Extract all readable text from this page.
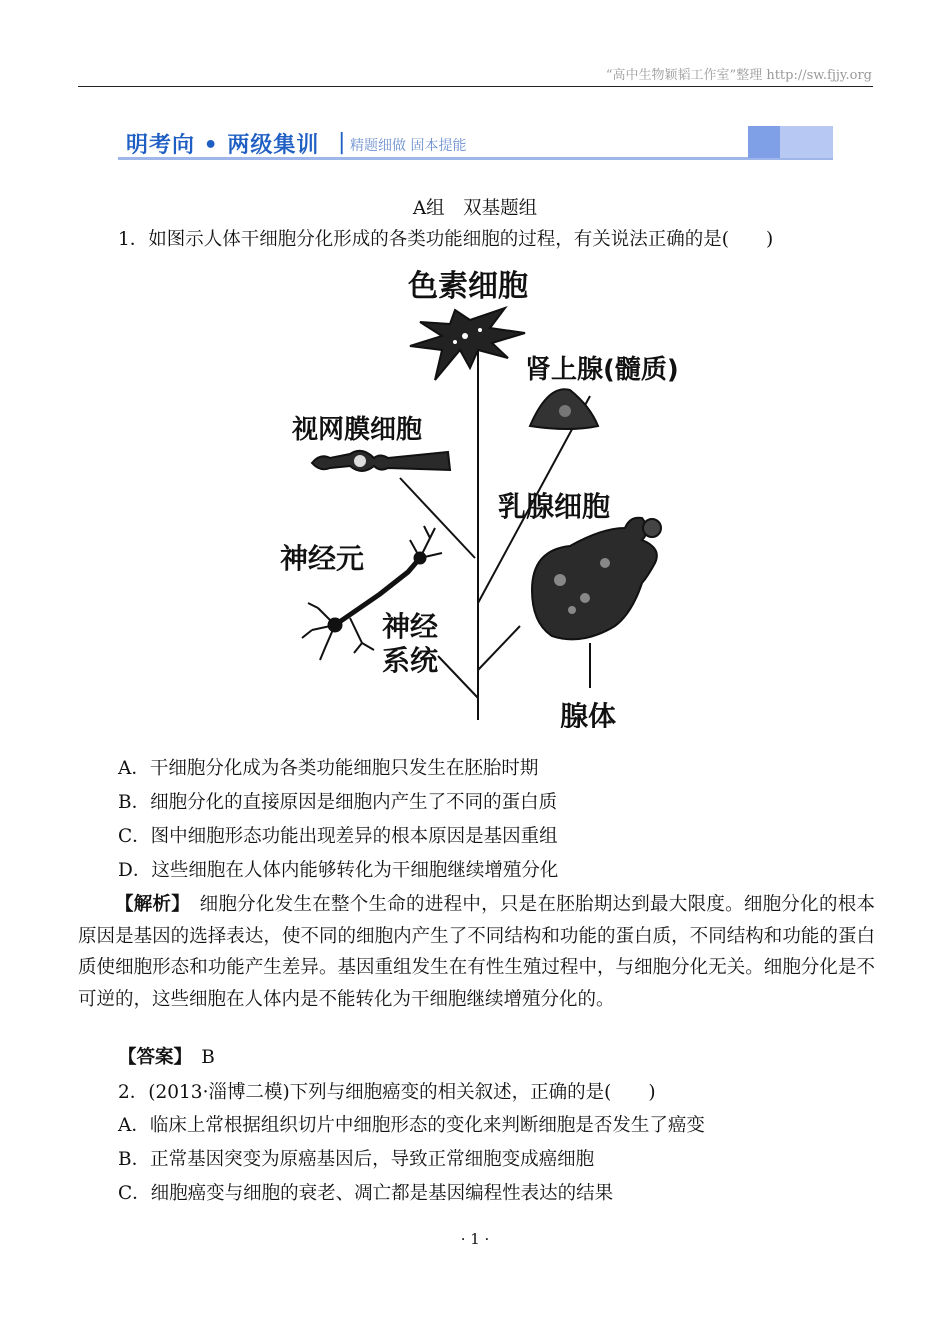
“高中生物颖韬工作室”整理 http://sw.fjjy.org
明考向 • 两级集训 | 精题细做 固本提能
A组　双基题组
1．如图示人体干细胞分化形成的各类功能细胞的过程，有关说法正确的是(　　)
色素细胞
肾上腺(髓质)
视网膜细胞
乳腺细胞
神经元
神经
系统
腺体
A．干细胞分化成为各类功能细胞只发生在胚胎时期
B．细胞分化的直接原因是细胞内产生了不同的蛋白质
C．图中细胞形态功能出现差异的根本原因是基因重组
D．这些细胞在人体内能够转化为干细胞继续增殖分化
【解析】　 细胞分化发生在整个生命的进程中，只是在胚胎期达到最大限度。细胞分化的根本原因是基因的选择表达，使不同的细胞内产生了不同结构和功能的蛋白质，不同结构和功能的蛋白质使细胞形态和功能产生差异。基因重组发生在有性生殖过程中，与细胞分化无关。细胞分化是不可逆的，这些细胞在人体内是不能转化为干细胞继续增殖分化的。
【答案】　 B
2．(2013·淄博二模)下列与细胞癌变的相关叙述，正确的是(　　)
A．临床上常根据组织切片中细胞形态的变化来判断细胞是否发生了癌变
B．正常基因突变为原癌基因后，导致正常细胞变成癌细胞
C．细胞癌变与细胞的衰老、凋亡都是基因编程性表达的结果
· 1 ·
